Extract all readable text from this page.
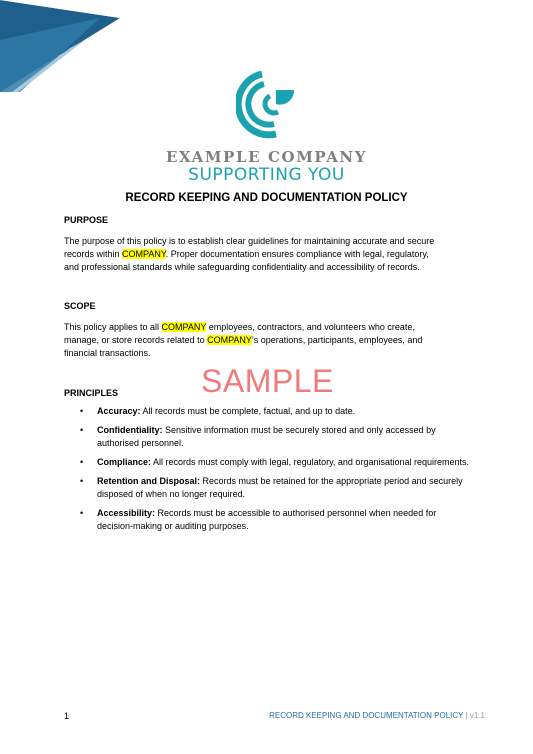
EXAMPLE COMPANY
SUPPORTING YOU
RECORD KEEPING AND DOCUMENTATION POLICY
PURPOSE
The purpose of this policy is to establish clear guidelines for maintaining accurate and secure
records within COMPANY. Proper documentation ensures compliance with legal, regulatory,
and professional standards while safeguarding confidentiality and accessibility of records.
SCOPE
This policy applies to all COMPANY employees, contractors, and volunteers who create,
manage, or store records related to COMPANY’s operations, participants, employees, and
financial transactions.
SAMPLE
PRINCIPLES
• Accuracy: All records must be complete, factual, and up to date.
• Confidentiality: Sensitive information must be securely stored and only accessed by authorised personnel.
• Compliance: All records must comply with legal, regulatory, and organisational requirements.
• Retention and Disposal: Records must be retained for the appropriate period and securely disposed of when no longer required.
• Accessibility: Records must be accessible to authorised personnel when needed for decision-making or auditing purposes.
1	RECORD KEEPING AND DOCUMENTATION POLICY | v1.1
